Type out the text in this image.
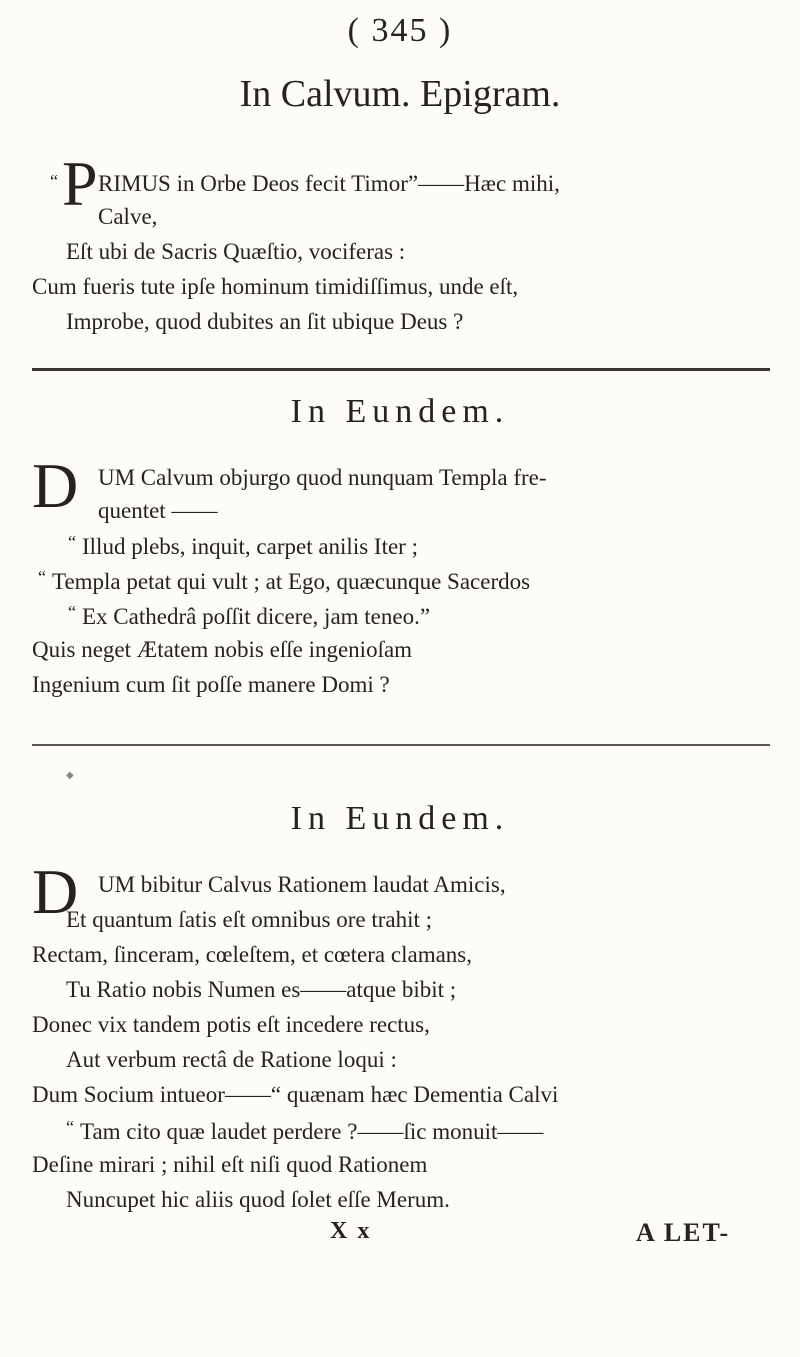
( 345 )
In Calvum. Epigram.
P
“ RIMUS in Orbe Deos fecit Timor”——Hæc mihi,
Calve,
Eſt ubi de Sacris Quæſtio, vociferas :
Cum fueris tute ipſe hominum timidiſſimus, unde eſt,
Improbe, quod dubites an ſit ubique Deus ?
In Eundem.
D UM Calvum objurgo quod nunquam Templa fre-
quentet ——
“ Illud plebs, inquit, carpet anilis Iter ;
“ Templa petat qui vult ; at Ego, quæcunque Sacerdos
“ Ex Cathedrâ poſſit dicere, jam teneo.”
Quis neget Ætatem nobis eſſe ingenioſam
Ingenium cum ſit poſſe manere Domi ?
◆
In Eundem.
D UM bibitur Calvus Rationem laudat Amicis,
Et quantum ſatis eſt omnibus ore trahit ;
Rectam, ſinceram, cœleſtem, et cœtera clamans,
Tu Ratio nobis Numen es——atque bibit ;
Donec vix tandem potis eſt incedere rectus,
Aut verbum rectâ de Ratione loqui :
Dum Socium intueor——“ quænam hæc Dementia Calvi
“ Tam cito quæ laudet perdere ?——ſic monuit——
Deſine mirari ; nihil eſt niſi quod Rationem
Nuncupet hic aliis quod ſolet eſſe Merum.
X x	A LET-
